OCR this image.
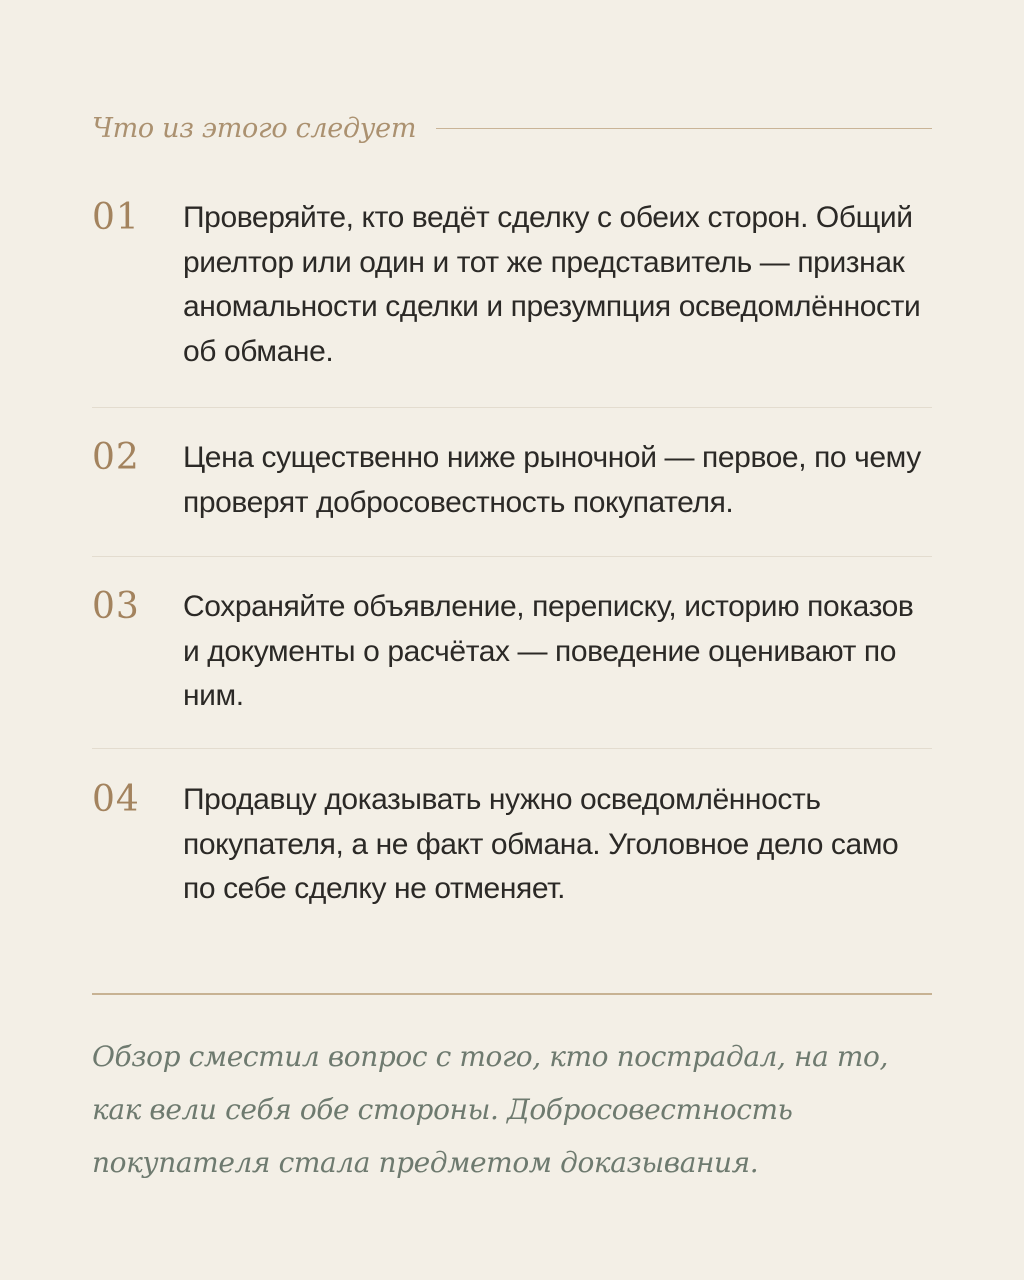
Что из этого следует
01 Проверяйте, кто ведёт сделку с обеих сторон. Общий риелтор или один и тот же представитель — признак аномальности сделки и презумпция осведомлённости об обмане.
02 Цена существенно ниже рыночной — первое, по чему проверят добросовестность покупателя.
03 Сохраняйте объявление, переписку, историю показов и документы о расчётах — поведение оценивают по ним.
04 Продавцу доказывать нужно осведомлённость покупателя, а не факт обмана. Уголовное дело само по себе сделку не отменяет.
Обзор сместил вопрос с того, кто пострадал, на то, как вели себя обе стороны. Добросовестность покупателя стала предметом доказывания.
